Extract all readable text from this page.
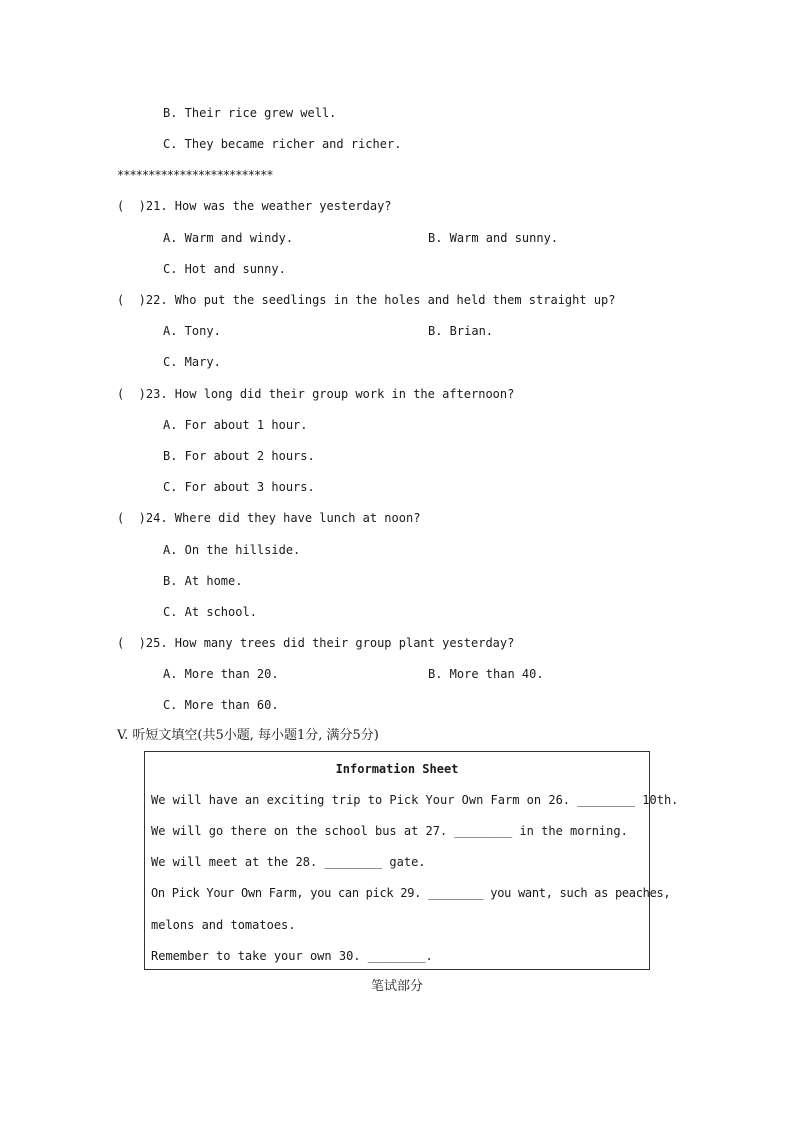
B. Their rice grew well.
C. They became richer and richer.
*************************
(  )21. How was the weather yesterday?
A. Warm and windy.	B. Warm and sunny.
C. Hot and sunny.
(  )22. Who put the seedlings in the holes and held them straight up?
A. Tony.	B. Brian.
C. Mary.
(  )23. How long did their group work in the afternoon?
A. For about 1 hour.
B. For about 2 hours.
C. For about 3 hours.
(  )24. Where did they have lunch at noon?
A. On the hillside.
B. At home.
C. At school.
(  )25. How many trees did their group plant yesterday?
A. More than 20.	B. More than 40.
C. More than 60.
V. 听短文填空(共5小题, 每小题1分, 满分5分)
Information Sheet
We will have an exciting trip to Pick Your Own Farm on 26. ________ 10th.
We will go there on the school bus at 27. ________ in the morning.
We will meet at the 28. ________ gate.
On Pick Your Own Farm, you can pick 29. ________ you want, such as peaches,
melons and tomatoes.
Remember to take your own 30. ________.
笔试部分
